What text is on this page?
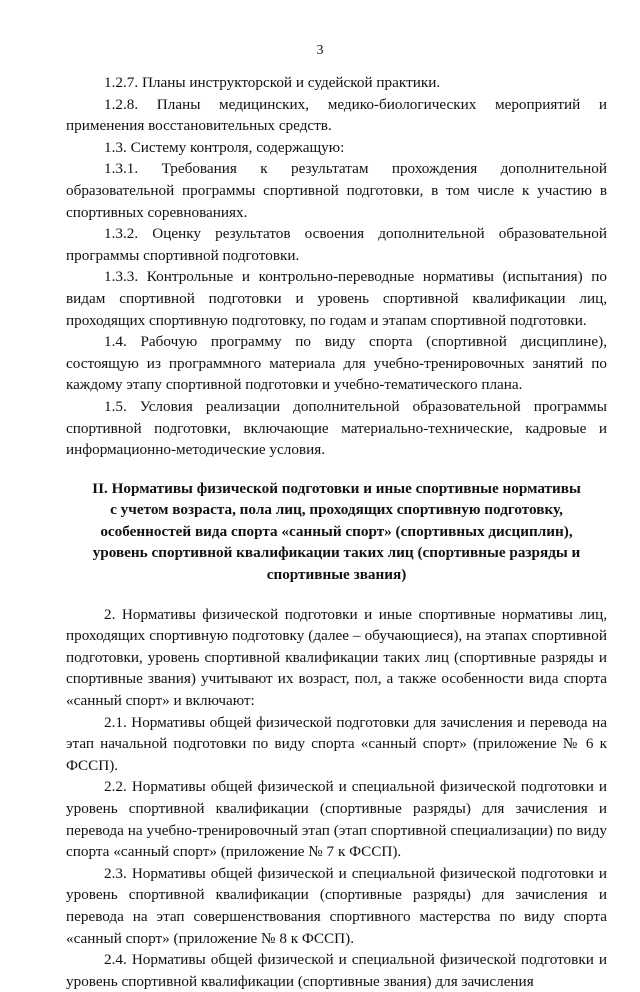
3

1.2.7. Планы инструкторской и судейской практики.

1.2.8. Планы медицинских, медико-биологических мероприятий и применения восстановительных средств.

1.3. Систему контроля, содержащую:

1.3.1. Требования к результатам прохождения дополнительной образовательной программы спортивной подготовки, в том числе к участию в спортивных соревнованиях.

1.3.2. Оценку результатов освоения дополнительной образовательной программы спортивной подготовки.

1.3.3. Контрольные и контрольно-переводные нормативы (испытания) по видам спортивной подготовки и уровень спортивной квалификации лиц, проходящих спортивную подготовку, по годам и этапам спортивной подготовки.

1.4. Рабочую программу по виду спорта (спортивной дисциплине), состоящую из программного материала для учебно-тренировочных занятий по каждому этапу спортивной подготовки и учебно-тематического плана.

1.5. Условия реализации дополнительной образовательной программы спортивной подготовки, включающие материально-технические, кадровые и информационно-методические условия.

II. Нормативы физической подготовки и иные спортивные нормативы с учетом возраста, пола лиц, проходящих спортивную подготовку, особенностей вида спорта «санный спорт» (спортивных дисциплин), уровень спортивной квалификации таких лиц (спортивные разряды и спортивные звания)

2. Нормативы физической подготовки и иные спортивные нормативы лиц, проходящих спортивную подготовку (далее – обучающиеся), на этапах спортивной подготовки, уровень спортивной квалификации таких лиц (спортивные разряды и спортивные звания) учитывают их возраст, пол, а также особенности вида спорта «санный спорт» и включают:

2.1. Нормативы общей физической подготовки для зачисления и перевода на этап начальной подготовки по виду спорта «санный спорт» (приложение № 6 к ФССП).

2.2. Нормативы общей физической и специальной физической подготовки и уровень спортивной квалификации (спортивные разряды) для зачисления и перевода на учебно-тренировочный этап (этап спортивной специализации) по виду спорта «санный спорт» (приложение № 7 к ФССП).

2.3. Нормативы общей физической и специальной физической подготовки и уровень спортивной квалификации (спортивные разряды) для зачисления и перевода на этап совершенствования спортивного мастерства по виду спорта «санный спорт» (приложение № 8 к ФССП).

2.4. Нормативы общей физической и специальной физической подготовки и уровень спортивной квалификации (спортивные звания) для зачисления
